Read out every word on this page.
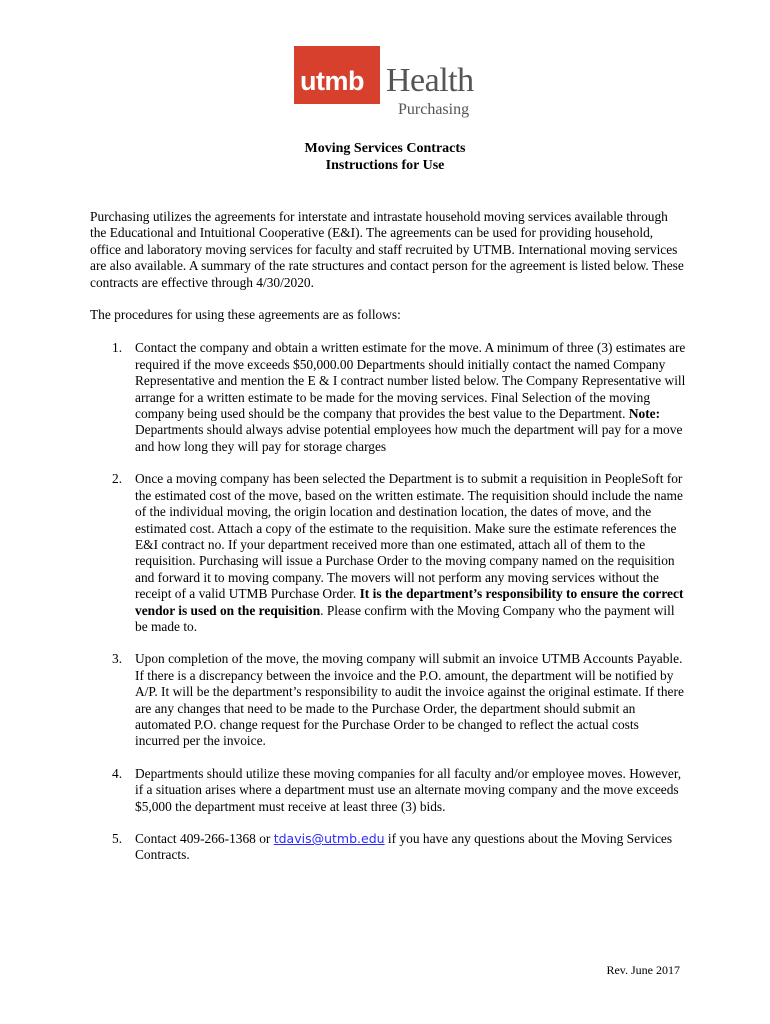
utmb Health
Purchasing
Moving Services Contracts
Instructions for Use

Purchasing utilizes the agreements for interstate and intrastate household moving services available through the Educational and Intuitional Cooperative (E&I). The agreements can be used for providing household, office and laboratory moving services for faculty and staff recruited by UTMB. International moving services are also available. A summary of the rate structures and contact person for the agreement is listed below. These contracts are effective through 4/30/2020.

The procedures for using these agreements are as follows:

1. Contact the company and obtain a written estimate for the move. A minimum of three (3) estimates are required if the move exceeds $50,000.00 Departments should initially contact the named Company Representative and mention the E & I contract number listed below. The Company Representative will arrange for a written estimate to be made for the moving services. Final Selection of the moving company being used should be the company that provides the best value to the Department. Note: Departments should always advise potential employees how much the department will pay for a move and how long they will pay for storage charges
2. Once a moving company has been selected the Department is to submit a requisition in PeopleSoft for the estimated cost of the move, based on the written estimate. The requisition should include the name of the individual moving, the origin location and destination location, the dates of move, and the estimated cost. Attach a copy of the estimate to the requisition. Make sure the estimate references the E&I contract no. If your department received more than one estimated, attach all of them to the requisition. Purchasing will issue a Purchase Order to the moving company named on the requisition and forward it to moving company. The movers will not perform any moving services without the receipt of a valid UTMB Purchase Order. It is the department’s responsibility to ensure the correct vendor is used on the requisition. Please confirm with the Moving Company who the payment will be made to.
3. Upon completion of the move, the moving company will submit an invoice UTMB Accounts Payable. If there is a discrepancy between the invoice and the P.O. amount, the department will be notified by A/P. It will be the department’s responsibility to audit the invoice against the original estimate. If there are any changes that need to be made to the Purchase Order, the department should submit an automated P.O. change request for the Purchase Order to be changed to reflect the actual costs incurred per the invoice.
4. Departments should utilize these moving companies for all faculty and/or employee moves. However, if a situation arises where a department must use an alternate moving company and the move exceeds $5,000 the department must receive at least three (3) bids.
5. Contact 409-266-1368 or tdavis@utmb.edu if you have any questions about the Moving Services Contracts.
Rev. June 2017
